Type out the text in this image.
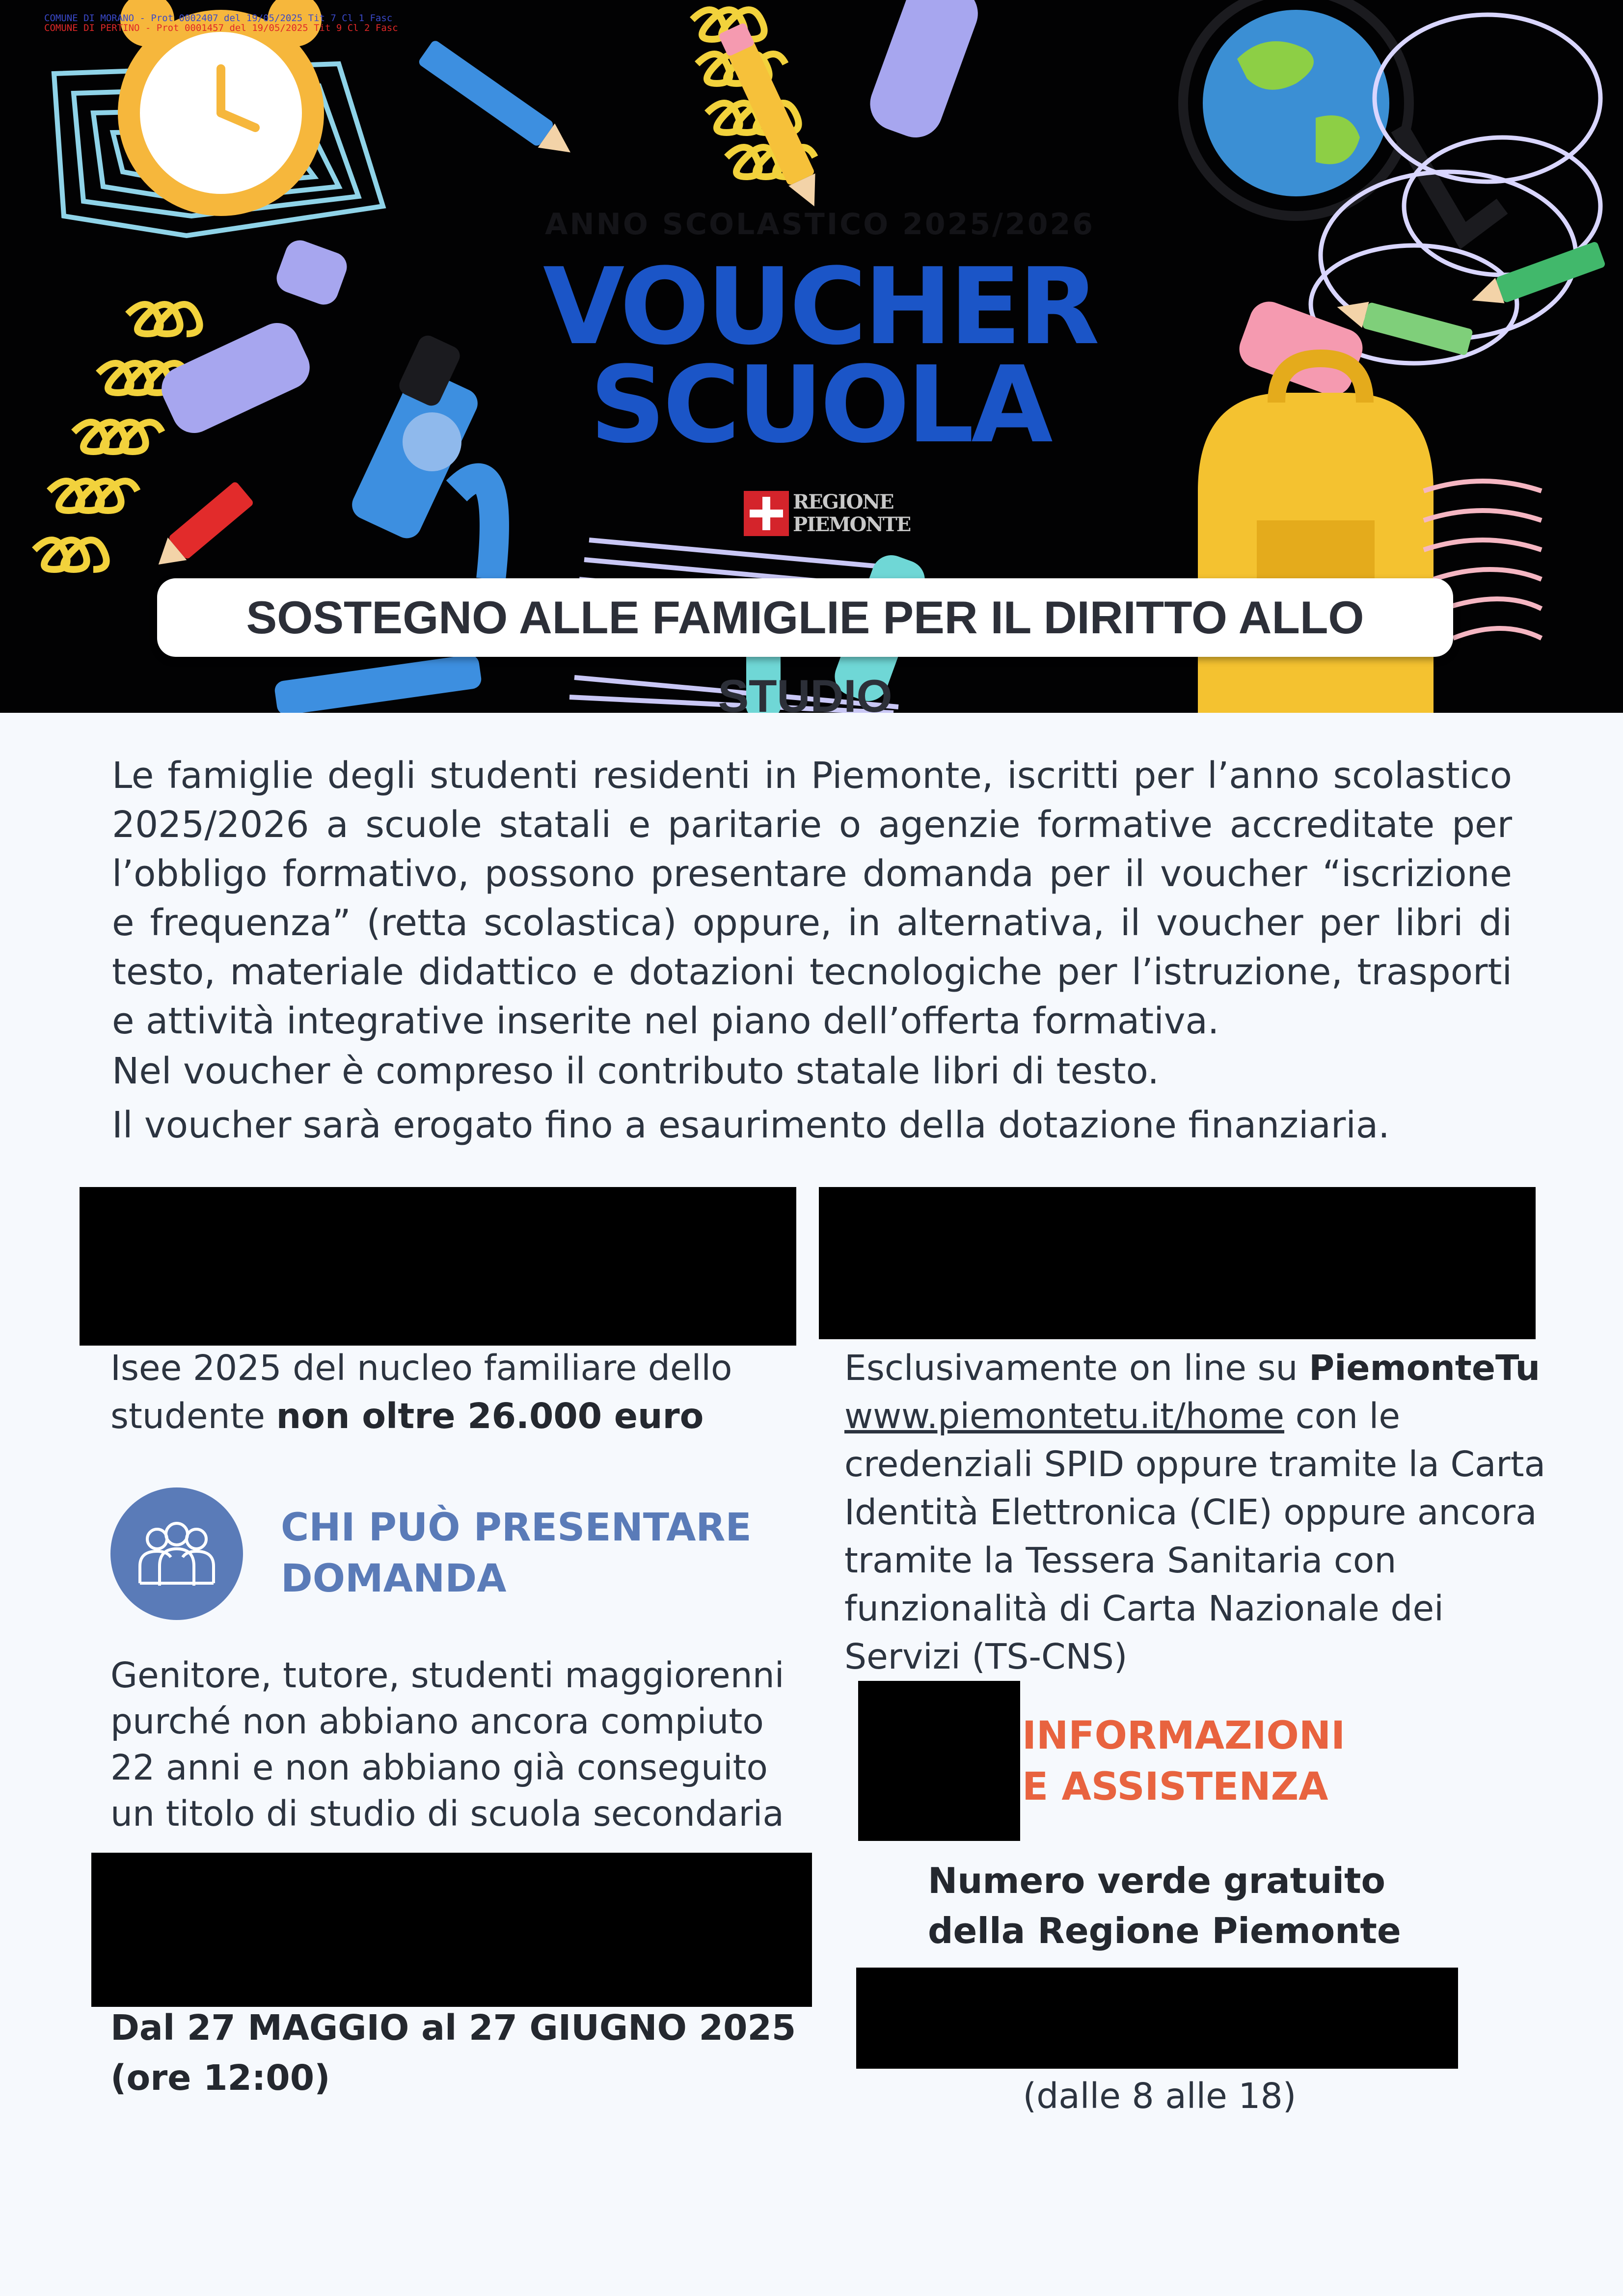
COMUNE DI MORANO - Prot 0002407 del 19/05/2025 Tit 7 Cl 1 Fasc
COMUNE DI PERTINO - Prot 0001457 del 19/05/2025 Tit 9 Cl 2 Fasc
ANNO SCOLASTICO 2025/2026
VOUCHER
SCUOLA
REGIONE
PIEMONTE
SOSTEGNO ALLE FAMIGLIE PER IL DIRITTO ALLO STUDIO
Le famiglie degli studenti residenti in Piemonte, iscritti per l’anno scolastico 2025/2026 a scuole statali e paritarie o agenzie formative accreditate per l’obbligo formativo, possono presentare domanda per il voucher “iscrizione e frequenza” (retta scolastica) oppure, in alternativa, il voucher per libri di testo, materiale didattico e dotazioni tecnologiche per l’istruzione, trasporti e attività integrative inserite nel piano dell’offerta formativa.
Nel voucher è compreso il contributo statale libri di testo.
Il voucher sarà erogato fino a esaurimento della dotazione finanziaria.
Isee 2025 del nucleo familiare dello studente non oltre 26.000 euro
Esclusivamente on line su PiemonteTu www.piemontetu.it/home con le credenziali SPID oppure tramite la Carta Identità Elettronica (CIE) oppure ancora tramite la Tessera Sanitaria con funzionalità di Carta Nazionale dei Servizi (TS-CNS)
CHI PUÒ PRESENTARE
DOMANDA
Genitore, tutore, studenti maggiorenni purché non abbiano ancora compiuto 22 anni e non abbiano già conseguito un titolo di studio di scuola secondaria
Dal 27 MAGGIO al 27 GIUGNO 2025
(ore 12:00)
INFORMAZIONI
E ASSISTENZA
Numero verde gratuito
della Regione Piemonte
(dalle 8 alle 18)
